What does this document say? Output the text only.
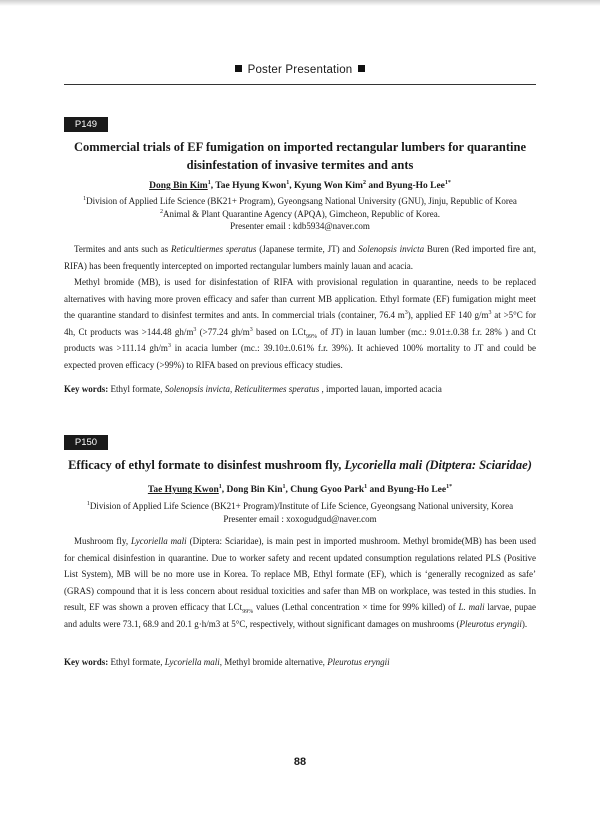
Poster Presentation
P149
Commercial trials of EF fumigation on imported rectangular lumbers for quarantine
disinfestation of invasive termites and ants
Dong Bin Kim$^1$, Tae Hyung Kwon$^1$, Kyung Won Kim$^2$ and Byung-Ho Lee$^{1*}$
$^1$Division of Applied Life Science (BK21+ Program), Gyeongsang National University (GNU), Jinju, Republic of Korea
$^2$Animal & Plant Quarantine Agency (APQA), Gimcheon, Republic of Korea.
Presenter email : kdb5934@naver.com

Termites and ants such as Reticultiermes speratus (Japanese termite, JT) and Solenopsis invicta Buren (Red imported fire ant, RIFA) has been frequently intercepted on imported rectangular lumbers mainly lauan and acacia.

Methyl bromide (MB), is used for disinfestation of RIFA with provisional regulation in quarantine, needs to be replaced alternatives with having more proven efficacy and safer than current MB application. Ethyl formate (EF) fumigation might meet the quarantine standard to disinfest termites and ants. In commercial trials (container, 76.4 $m^3$), applied EF 140 $g/m^3$ at >5°C for 4h, Ct products was >144.48 $gh/m^3$ (>77.24 $gh/m^3$ based on LCt$_{99\%}$ of JT) in lauan lumber (mc.: 9.01±.0.38 f.r. 28% ) and Ct products was >111.14 $gh/m^3$ in acacia lumber (mc.: 39.10±.0.61% f.r. 39%). It achieved 100% mortality to JT and could be expected proven efficacy (>99%) to RIFA based on previous efficacy studies.

Key words: Ethyl formate, Solenopsis invicta, Reticulitermes speratus , imported lauan, imported acacia
P150
Efficacy of ethyl formate to disinfest mushroom fly, Lycoriella mali (Ditptera: Sciaridae)
Tae Hyung Kwon$^1$, Dong Bin Kin$^1$, Chung Gyoo Park$^1$ and Byung-Ho Lee$^{1*}$
$^1$Division of Applied Life Science (BK21+ Program)/Institute of Life Science, Gyeongsang National university, Korea
Presenter email : xoxogudgud@naver.com

Mushroom fly, Lycoriella mali (Diptera: Sciaridae), is main pest in imported mushroom. Methyl bromide(MB) has been used for chemical disinfestion in quarantine. Due to worker safety and recent updated consumption regulations related PLS (Positive List System), MB will be no more use in Korea. To replace MB, Ethyl formate (EF), which is ‘generally recognized as safe’ (GRAS) compound that it is less concern about residual toxicities and safer than MB on workplace, was tested in this studies. In result, EF was shown a proven efficacy that LCt$_{99\%}$ values (Lethal concentration × time for 99% killed) of L. mali larvae, pupae and adults were 73.1, 68.9 and 20.1 g·h/m3 at 5°C, respectively, without significant damages on mushrooms (Pleurotus eryngii).

Key words: Ethyl formate, Lycoriella mali, Methyl bromide alternative, Pleurotus eryngii
88
